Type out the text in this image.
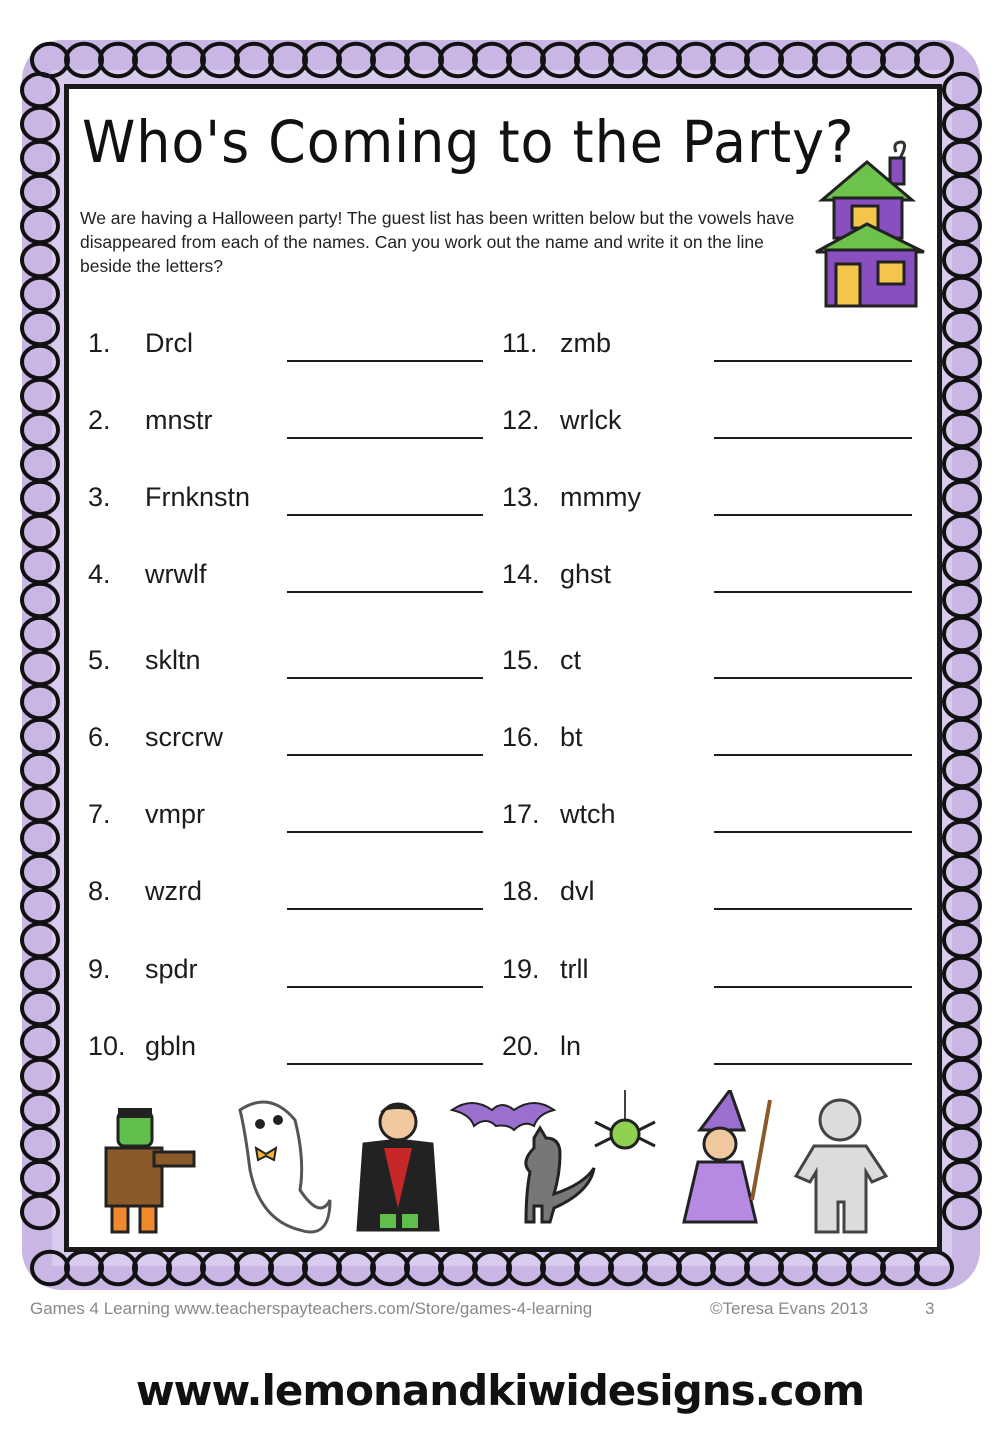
Who's Coming to the Party?
We are having a Halloween party! The guest list has been written below but the vowels have disappeared from each of the names. Can you work out the name and write it on the line beside the letters?
1. Drcl
2. mnstr
3. Frnknstn
4. wrwlf
5. skltn
6. scrcrw
7. vmpr
8. wzrd
9. spdr
10. gbln
11. zmb
12. wrlck
13. mmmy
14. ghst
15. ct
16. bt
17. wtch
18. dvl
19. trll
20. ln
Games 4 Learning www.teacherspayteachers.com/Store/games-4-learning	©Teresa Evans 2013	3
www.lemonandkiwidesigns.com
